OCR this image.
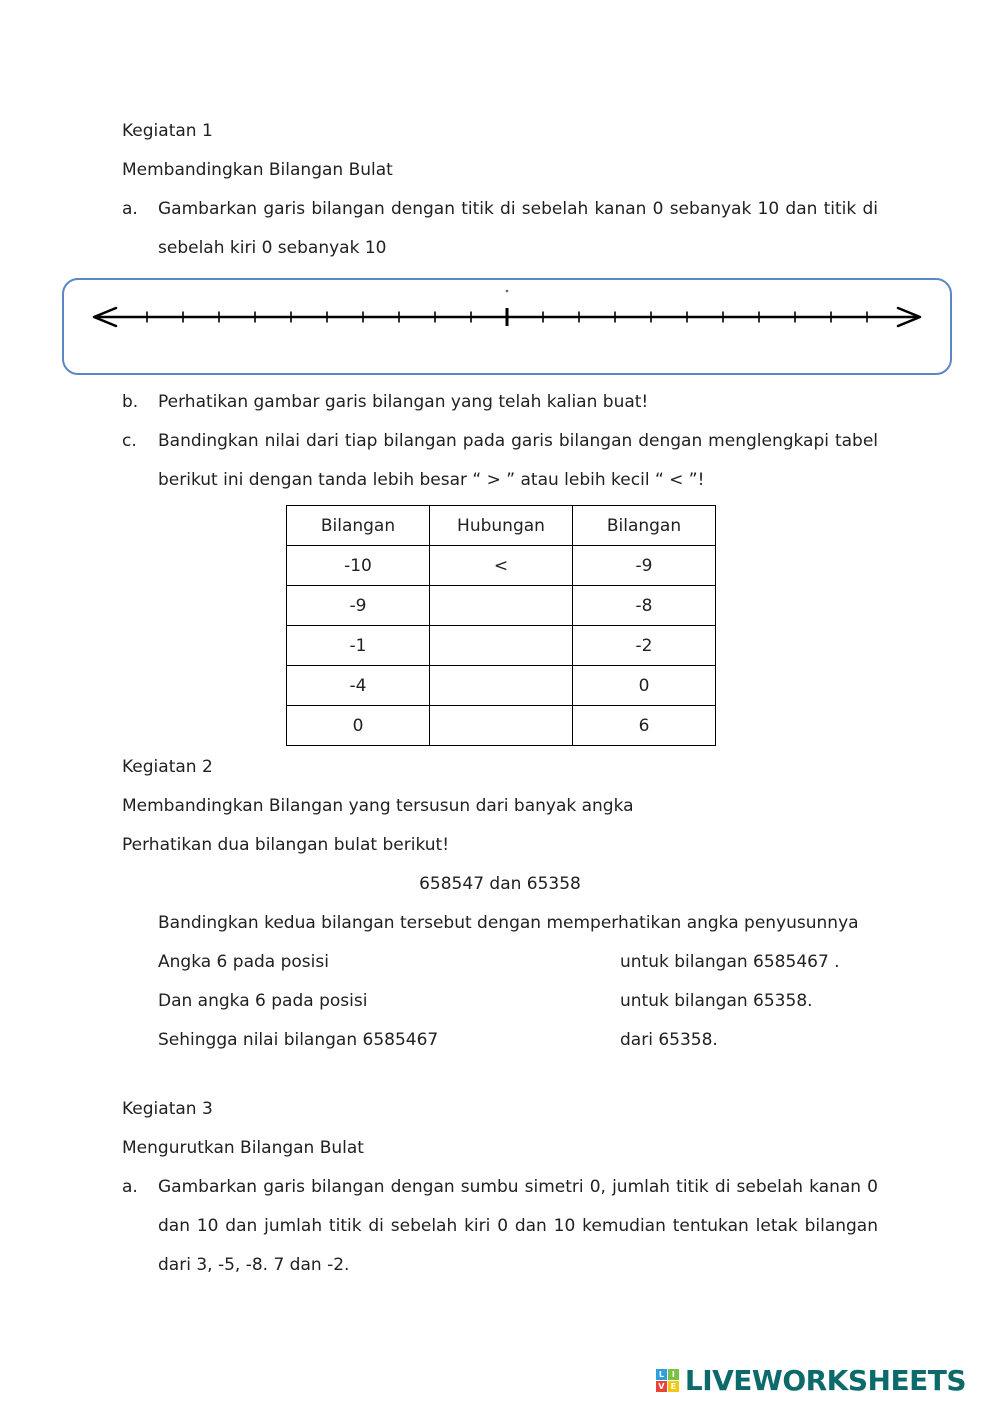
Kegiatan 1

Membandingkan Bilangan Bulat

a.	Gambarkan garis bilangan dengan titik di sebelah kanan 0 sebanyak 10 dan titik di sebelah kiri 0 sebanyak 10
b.	Perhatikan gambar garis bilangan yang telah kalian buat!
c.	Bandingkan nilai dari tiap bilangan pada garis bilangan dengan menglengkapi tabel berikut ini dengan tanda lebih besar “ > ” atau lebih kecil “ < ”!
Bilangan	Hubungan	Bilangan
-10	<	-9
-9		-8
-1		-2
-4		0
0		6

Kegiatan 2

Membandingkan Bilangan yang tersusun dari banyak angka

Perhatikan dua bilangan bulat berikut!

658547 dan 65358

Bandingkan kedua bilangan tersebut dengan memperhatikan angka penyusunnya

Angka 6 pada posisi	untuk bilangan 6585467 .
Dan angka 6 pada posisi	untuk bilangan 65358.
Sehingga nilai bilangan 6585467	dari 65358.

Kegiatan 3

Mengurutkan Bilangan Bulat

a.	Gambarkan garis bilangan dengan sumbu simetri 0, jumlah titik di sebelah kanan 0 dan 10 dan jumlah titik di sebelah kiri 0 dan 10 kemudian tentukan letak bilangan dari 3, -5, -8. 7 dan -2.
L I
V E LIVEWORKSHEETS
